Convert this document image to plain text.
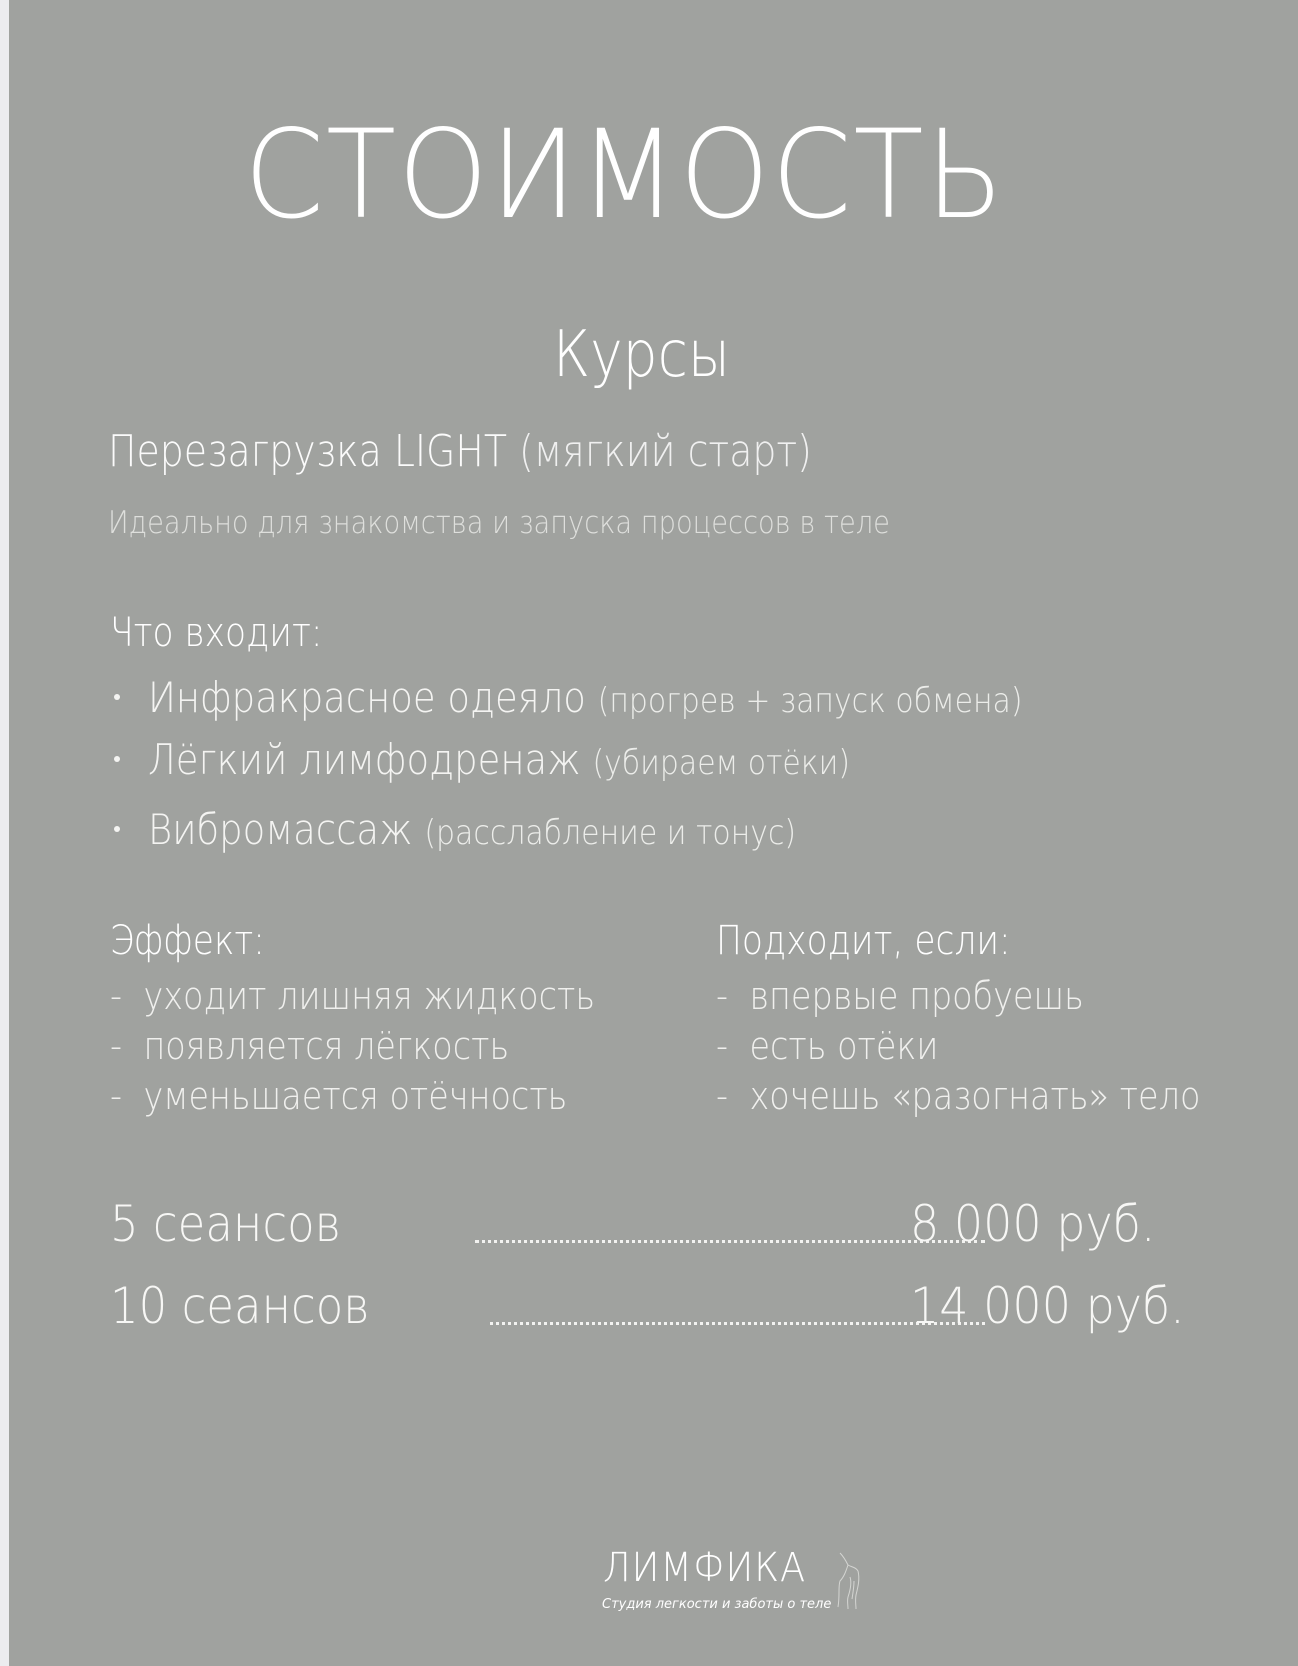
СТОИМОСТЬ
Курсы
Перезагрузка LIGHT (мягкий старт)
Идеально для знакомства и запуска процессов в теле
Что входит:
Инфракрасное одеяло (прогрев + запуск обмена)
Лёгкий лимфодренаж (убираем отёки)
Вибромассаж (расслабление и тонус)
Эффект:
- уходит лишняя жидкость
- появляется лёгкость
- уменьшается отёчность
Подходит, если:
- впервые пробуешь
- есть отёки
- хочешь «разогнать» тело
5 сеансов	8 000 руб.
10 сеансов	14 000 руб.
ЛИМФИКА
Студия легкости и заботы о теле
